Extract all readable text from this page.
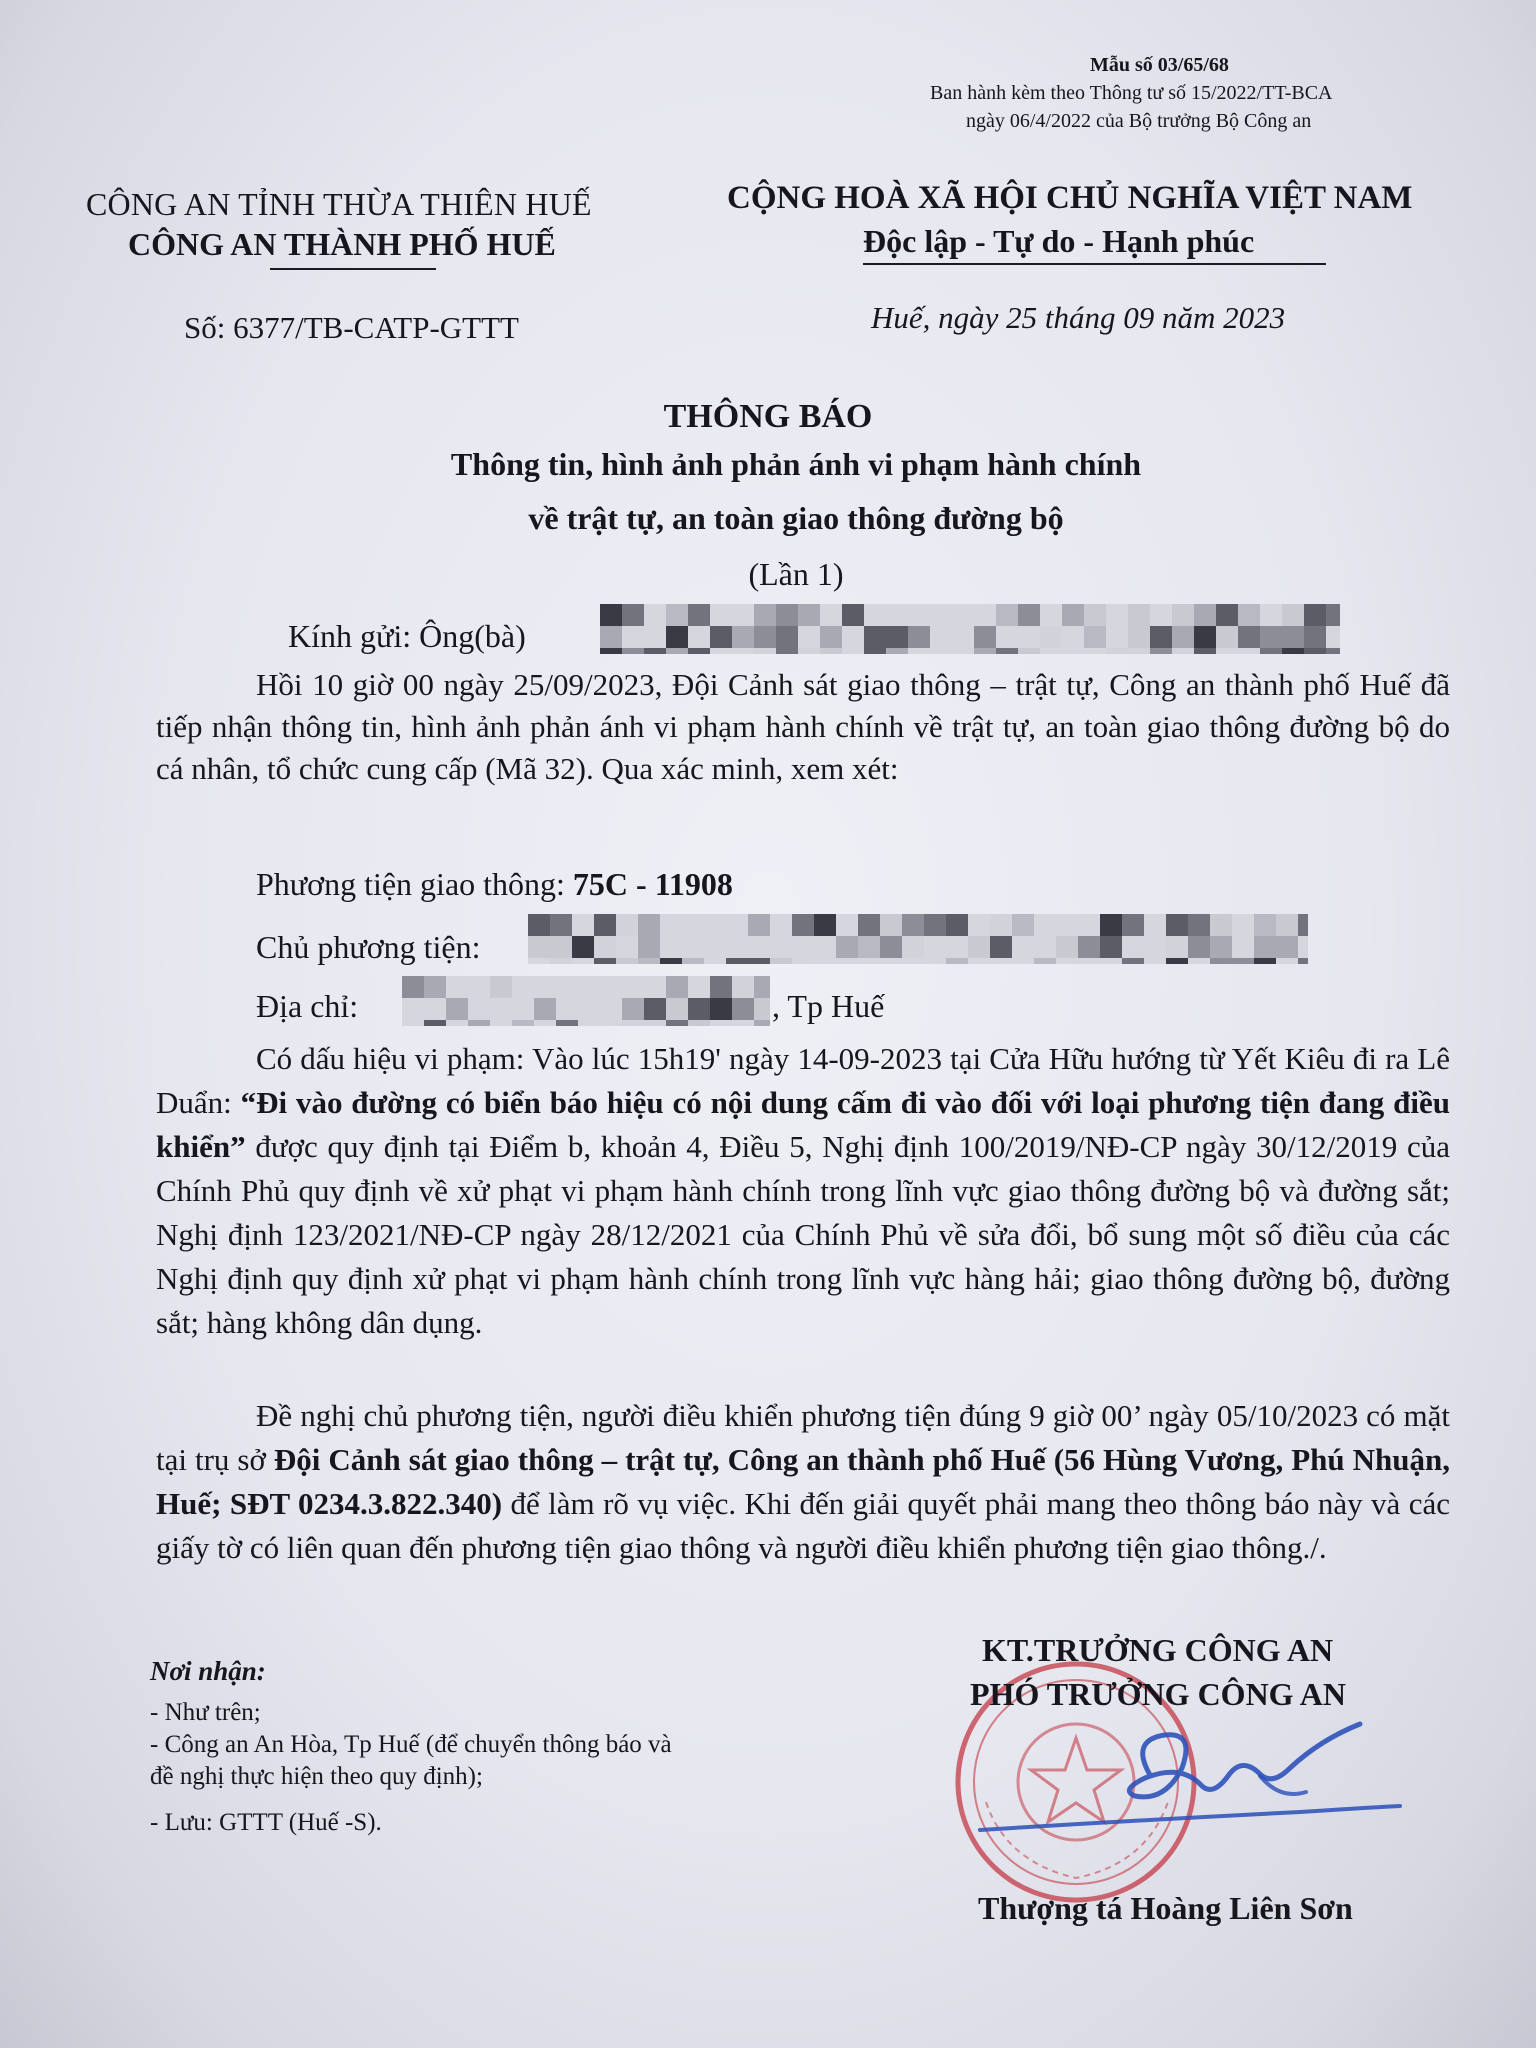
Mẫu số 03/65/68
Ban hành kèm theo Thông tư số 15/2022/TT-BCA
ngày 06/4/2022 của Bộ trưởng Bộ Công an
CÔNG AN TỈNH THỪA THIÊN HUẾ
CÔNG AN THÀNH PHỐ HUẾ
CỘNG HOÀ XÃ HỘI CHỦ NGHĨA VIỆT NAM
Độc lập - Tự do - Hạnh phúc
Số: 6377/TB-CATP-GTTT	Huế, ngày 25 tháng 09 năm 2023
THÔNG BÁO
Thông tin, hình ảnh phản ánh vi phạm hành chính
về trật tự, an toàn giao thông đường bộ
(Lần 1)
Kính gửi: Ông(bà)
Hồi 10 giờ 00 ngày 25/09/2023, Đội Cảnh sát giao thông – trật tự, Công an thành phố Huế đã tiếp nhận thông tin, hình ảnh phản ánh vi phạm hành chính về trật tự, an toàn giao thông đường bộ do cá nhân, tổ chức cung cấp (Mã 32). Qua xác minh, xem xét:
Phương tiện giao thông: 75C - 11908
Chủ phương tiện:
Địa chỉ:	, Tp Huế
Có dấu hiệu vi phạm: Vào lúc 15h19' ngày 14-09-2023 tại Cửa Hữu hướng từ Yết Kiêu đi ra Lê Duẩn: “Đi vào đường có biển báo hiệu có nội dung cấm đi vào đối với loại phương tiện đang điều khiển” được quy định tại Điểm b, khoản 4, Điều 5, Nghị định 100/2019/NĐ-CP ngày 30/12/2019 của Chính Phủ quy định về xử phạt vi phạm hành chính trong lĩnh vực giao thông đường bộ và đường sắt; Nghị định 123/2021/NĐ-CP ngày 28/12/2021 của Chính Phủ về sửa đổi, bổ sung một số điều của các Nghị định quy định xử phạt vi phạm hành chính trong lĩnh vực hàng hải; giao thông đường bộ, đường sắt; hàng không dân dụng.
Đề nghị chủ phương tiện, người điều khiển phương tiện đúng 9 giờ 00’ ngày 05/10/2023 có mặt tại trụ sở Đội Cảnh sát giao thông – trật tự, Công an thành phố Huế (56 Hùng Vương, Phú Nhuận, Huế; SĐT 0234.3.822.340) để làm rõ vụ việc. Khi đến giải quyết phải mang theo thông báo này và các giấy tờ có liên quan đến phương tiện giao thông và người điều khiển phương tiện giao thông./.
Nơi nhận:
- Như trên;
- Công an An Hòa, Tp Huế (để chuyển thông báo và
đề nghị thực hiện theo quy định);
- Lưu: GTTT (Huế -S).
KT.TRƯỞNG CÔNG AN
PHÓ TRƯỞNG CÔNG AN
Thượng tá Hoàng Liên Sơn
